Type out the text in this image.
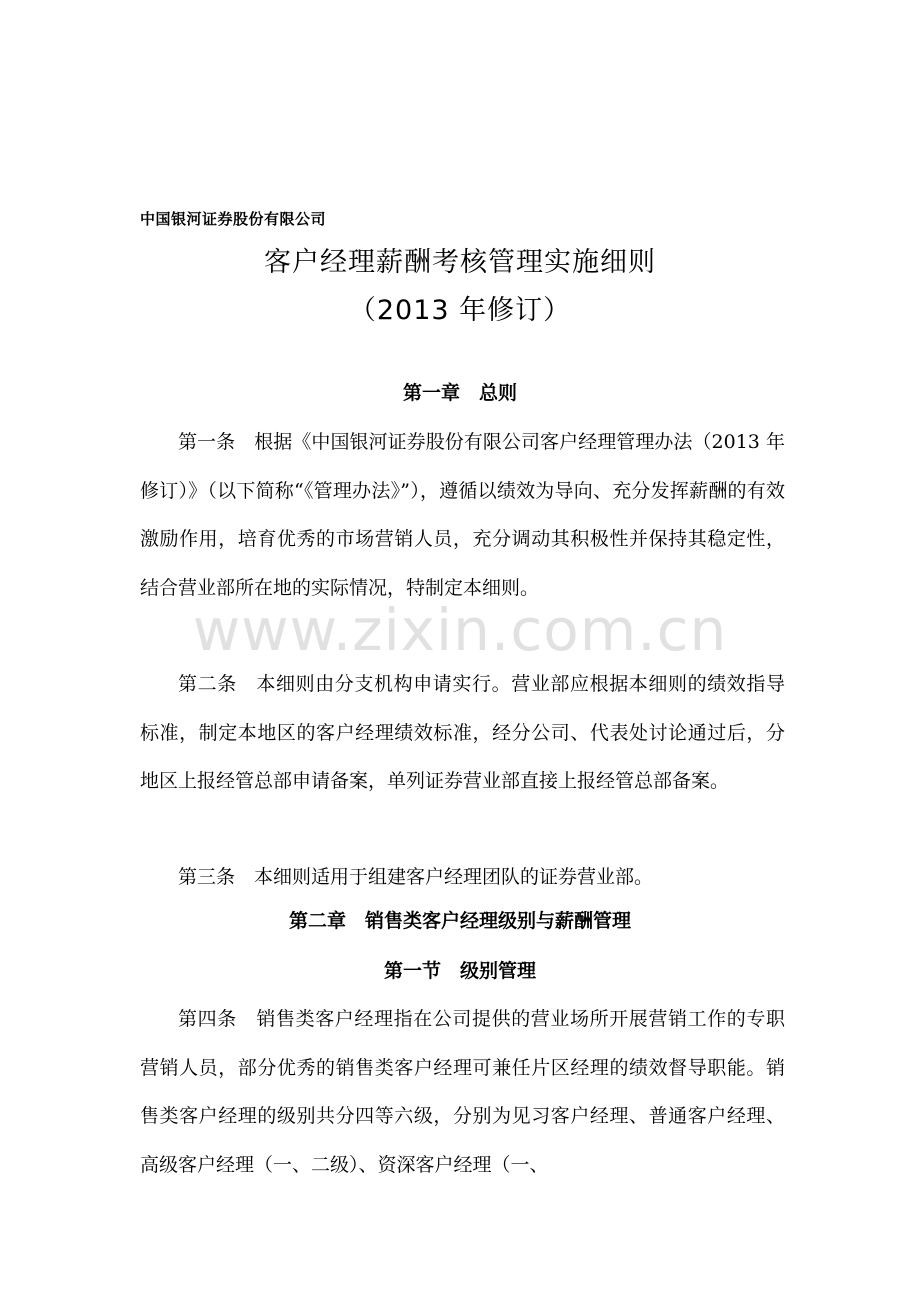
中国银河证券股份有限公司
客户经理薪酬考核管理实施细则
（2013 年修订）
第一章　总则

第一条　根据《中国银河证券股份有限公司客户经理管理办法（2013 年修订）》（以下简称“《管理办法》”），遵循以绩效为导向、充分发挥薪酬的有效激励作用，培育优秀的市场营销人员，充分调动其积极性并保持其稳定性，结合营业部所在地的实际情况，特制定本细则。

第二条　本细则由分支机构申请实行。营业部应根据本细则的绩效指导标准，制定本地区的客户经理绩效标准，经分公司、代表处讨论通过后，分地区上报经管总部申请备案，单列证券营业部直接上报经管总部备案。

第三条　本细则适用于组建客户经理团队的证券营业部。

第二章　销售类客户经理级别与薪酬管理
第一节　级别管理

第四条　销售类客户经理指在公司提供的营业场所开展营销工作的专职营销人员，部分优秀的销售类客户经理可兼任片区经理的绩效督导职能。销售类客户经理的级别共分四等六级，分别为见习客户经理、普通客户经理、高级客户经理（一、二级）、资深客户经理（一、

www.zixin.com.cn
